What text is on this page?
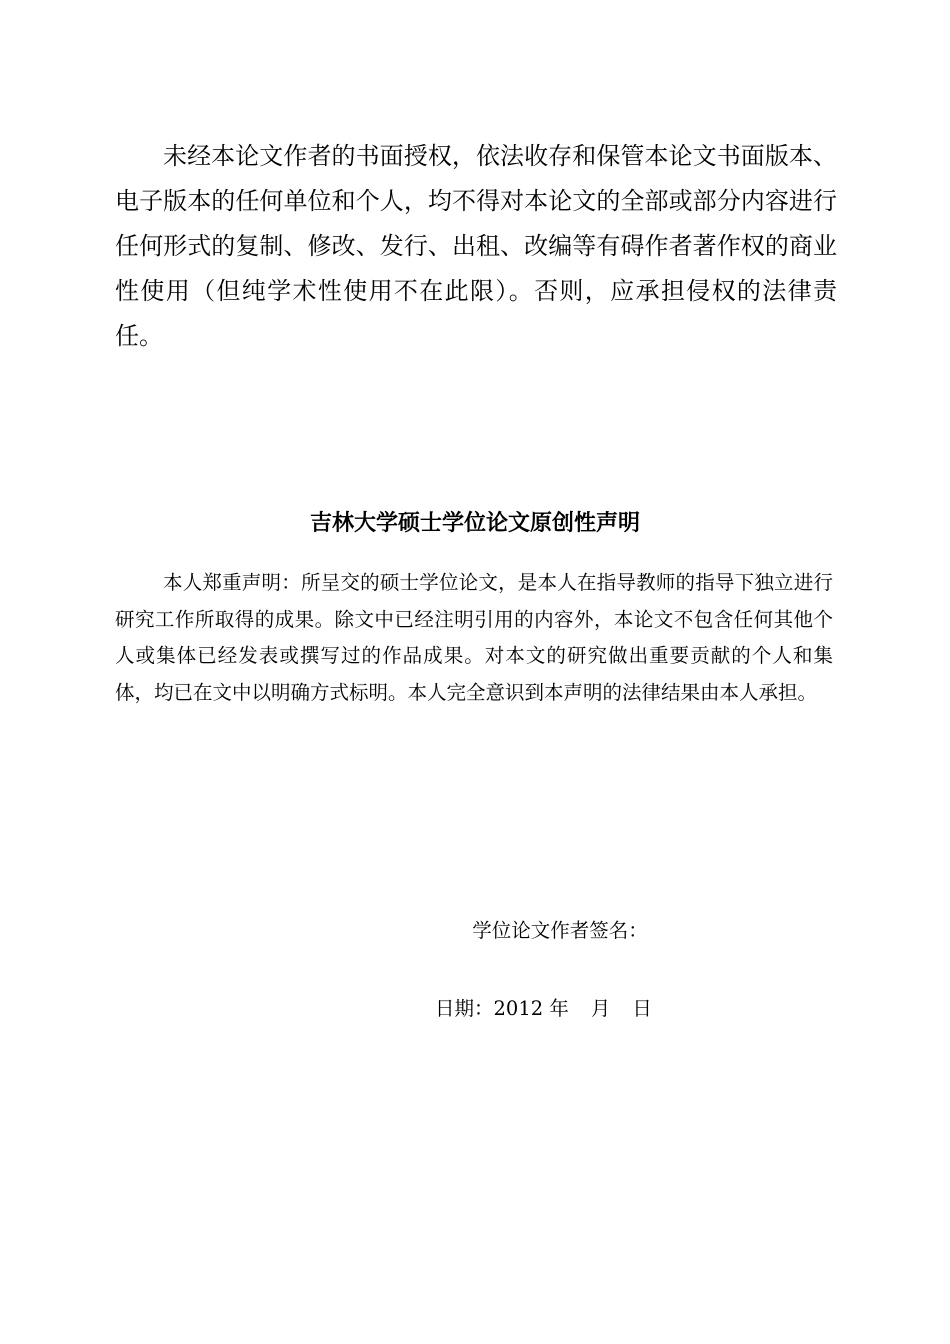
未经本论文作者的书面授权，依法收存和保管本论文书面版本、电子版本的任何单位和个人，均不得对本论文的全部或部分内容进行任何形式的复制、修改、发行、出租、改编等有碍作者著作权的商业性使用（但纯学术性使用不在此限）。否则，应承担侵权的法律责任。

吉林大学硕士学位论文原创性声明

本人郑重声明：所呈交的硕士学位论文，是本人在指导教师的指导下独立进行研究工作所取得的成果。除文中已经注明引用的内容外，本论文不包含任何其他个人或集体已经发表或撰写过的作品成果。对本文的研究做出重要贡献的个人和集体，均已在文中以明确方式标明。本人完全意识到本声明的法律结果由本人承担。

学位论文作者签名：

日期：2012 年 月 日
